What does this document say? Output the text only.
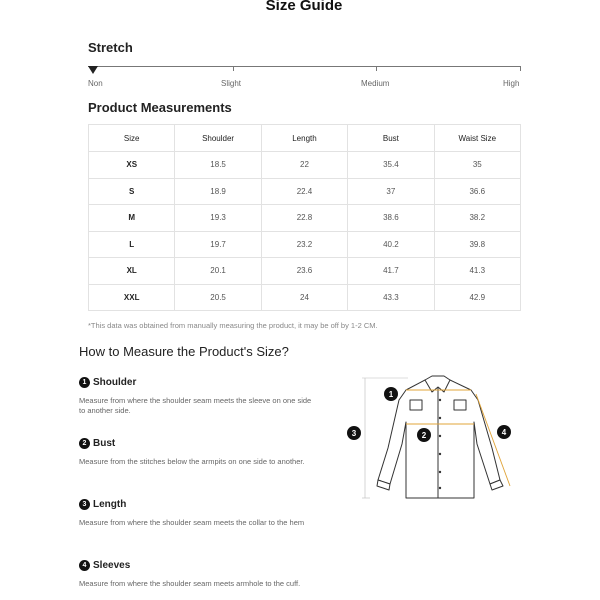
Size Guide
Stretch
Non	Slight	Medium	High
Product Measurements
Size	Shoulder	Length	Bust	Waist Size
XS	18.5	22	35.4	35
S	18.9	22.4	37	36.6
M	19.3	22.8	38.6	38.2
L	19.7	23.2	40.2	39.8
XL	20.1	23.6	41.7	41.3
XXL	20.5	24	43.3	42.9
*This data was obtained from manually measuring the product, it may be off by 1-2 CM.
How to Measure the Product's Size?
1 Shoulder
Measure from where the shoulder seam meets the sleeve on one side to another side.
2 Bust
Measure from the stitches below the armpits on one side to another.
3 Length
Measure from where the shoulder seam meets the collar to the hem
4 Sleeves
Measure from where the shoulder seam meets armhole to the cuff.
1
2
3	4
